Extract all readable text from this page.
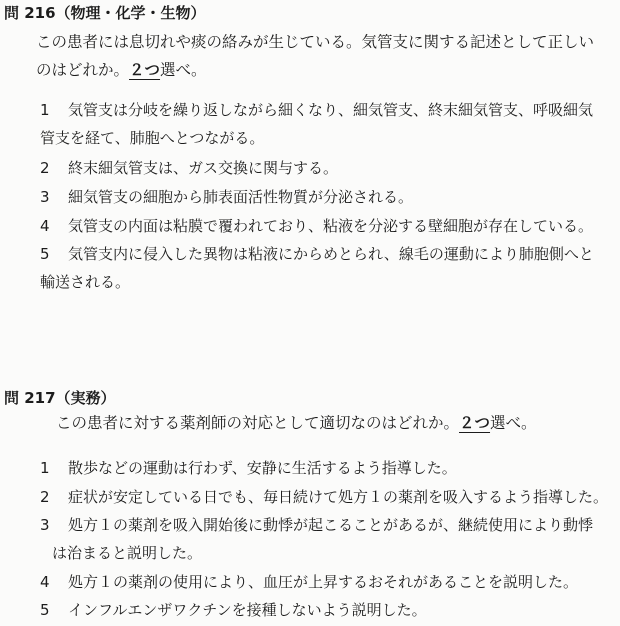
問 216（物理・化学・生物）
この患者には息切れや痰の絡みが生じている。気管支に関する記述として正しい
のはどれか。２つ選べ。
1	気管支は分岐を繰り返しながら細くなり、細気管支、終末細気管支、呼吸細気
管支を経て、肺胞へとつながる。
2	終末細気管支は、ガス交換に関与する。
3	細気管支の細胞から肺表面活性物質が分泌される。
4	気管支の内面は粘膜で覆われており、粘液を分泌する壁細胞が存在している。
5	気管支内に侵入した異物は粘液にからめとられ、線毛の運動により肺胞側へと
輸送される。
問 217（実務）
この患者に対する薬剤師の対応として適切なのはどれか。２つ選べ。
1	散歩などの運動は行わず、安静に生活するよう指導した。
2	症状が安定している日でも、毎日続けて処方１の薬剤を吸入するよう指導した。
3	処方１の薬剤を吸入開始後に動悸が起こることがあるが、継続使用により動悸
は治まると説明した。
4	処方１の薬剤の使用により、血圧が上昇するおそれがあることを説明した。
5	インフルエンザワクチンを接種しないよう説明した。
